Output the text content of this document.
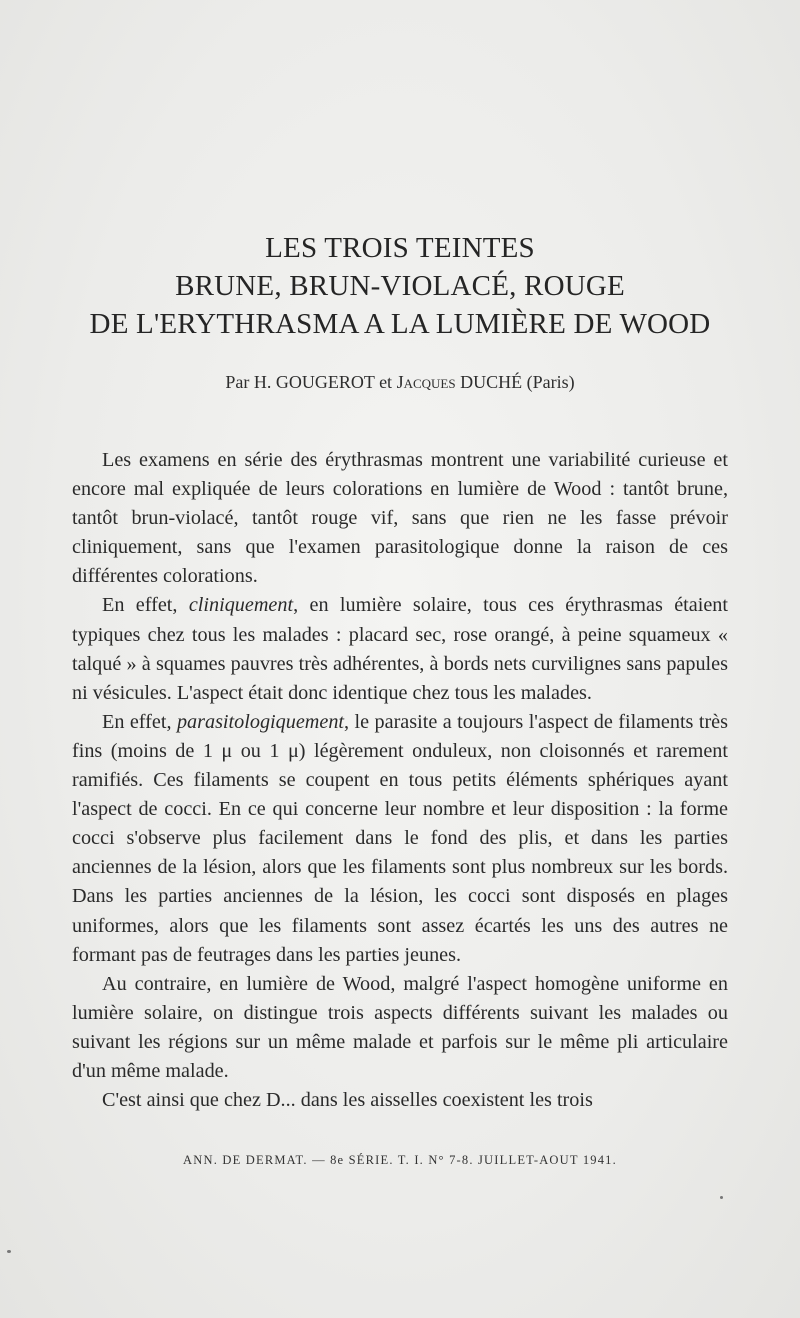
LES TROIS TEINTES
BRUNE, BRUN-VIOLACÉ, ROUGE
DE L'ERYTHRASMA A LA LUMIÈRE DE WOOD
Par H. GOUGEROT et Jacques DUCHÉ (Paris)

Les examens en série des érythrasmas montrent une variabilité curieuse et encore mal expliquée de leurs colorations en lumière de Wood : tantôt brune, tantôt brun-violacé, tantôt rouge vif, sans que rien ne les fasse prévoir cliniquement, sans que l'examen parasitologique donne la raison de ces différentes colorations.

En effet, cliniquement, en lumière solaire, tous ces érythrasmas étaient typiques chez tous les malades : placard sec, rose orangé, à peine squameux « talqué » à squames pauvres très adhérentes, à bords nets curvilignes sans papules ni vésicules. L'aspect était donc identique chez tous les malades.

En effet, parasitologiquement, le parasite a toujours l'aspect de filaments très fins (moins de 1 μ ou 1 μ) légèrement onduleux, non cloisonnés et rarement ramifiés. Ces filaments se coupent en tous petits éléments sphériques ayant l'aspect de cocci. En ce qui concerne leur nombre et leur disposition : la forme cocci s'observe plus facilement dans le fond des plis, et dans les parties anciennes de la lésion, alors que les filaments sont plus nombreux sur les bords. Dans les parties anciennes de la lésion, les cocci sont disposés en plages uniformes, alors que les filaments sont assez écartés les uns des autres ne formant pas de feutrages dans les parties jeunes.

Au contraire, en lumière de Wood, malgré l'aspect homogène uniforme en lumière solaire, on distingue trois aspects différents suivant les malades ou suivant les régions sur un même malade et parfois sur le même pli articulaire d'un même malade.

C'est ainsi que chez D... dans les aisselles coexistent les trois

ANN. DE DERMAT. — 8e SÉRIE. T. I. N° 7-8. JUILLET-AOUT 1941.
